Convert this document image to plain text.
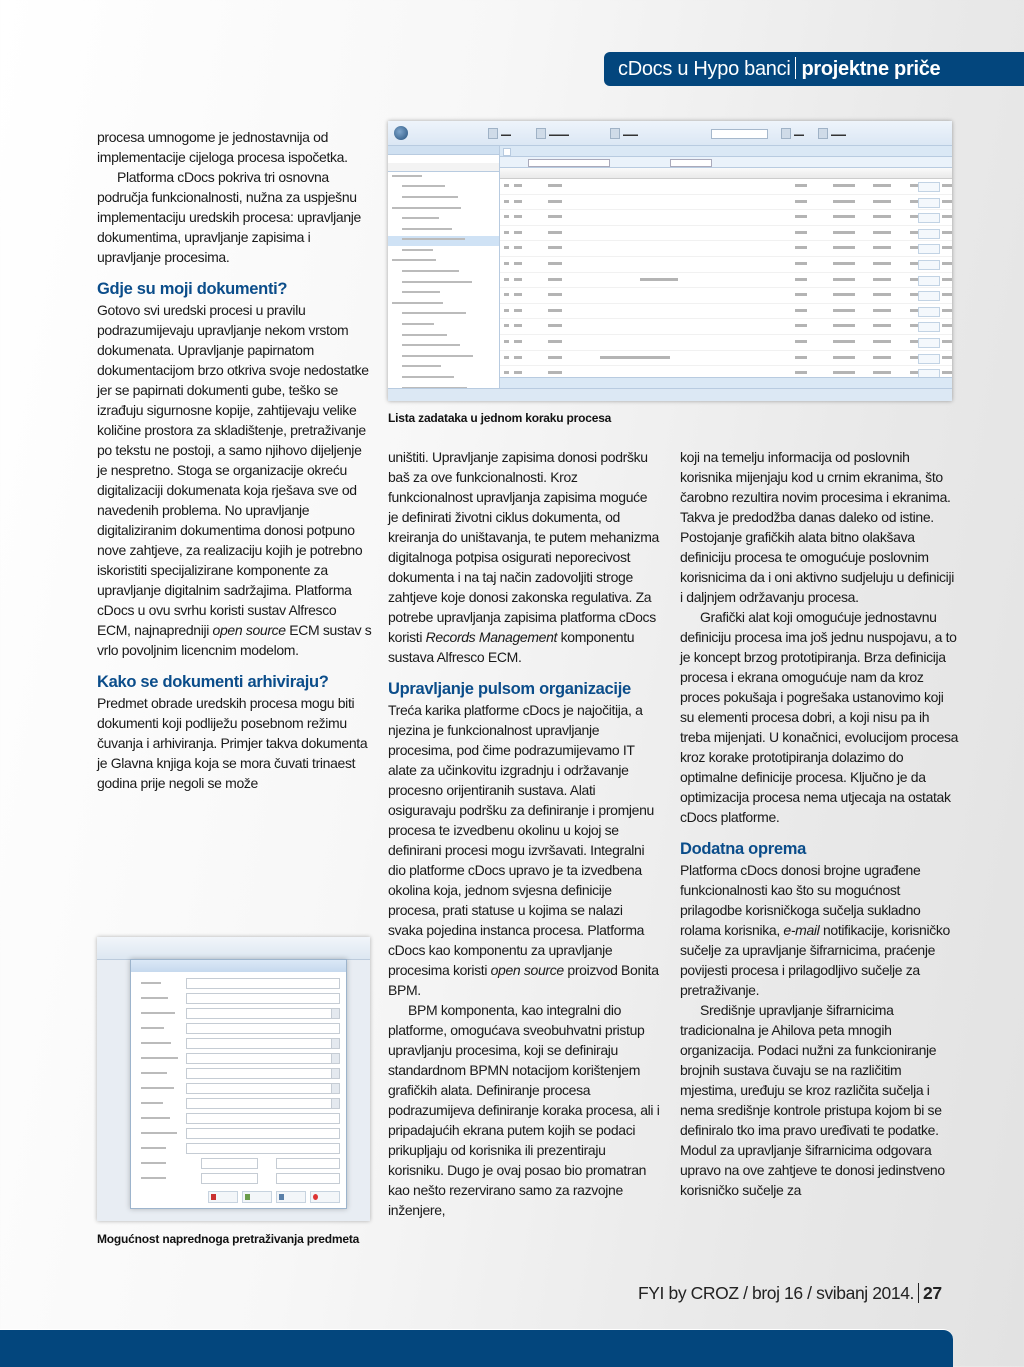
cDocs u Hypo banci projektne priče

procesa umnogome je jednostavnija od implementacije cijeloga procesa ispočetka.

Platforma cDocs pokriva tri osnovna područja funkcionalnosti, nužna za uspješnu implementaciju uredskih procesa: upravljanje dokumentima, upravljanje zapisima i upravljanje procesima.

Gdje su moji dokumenti?

Gotovo svi uredski procesi u pravilu podrazumijevaju upravljanje nekom vrstom dokumenata. Upravljanje papirnatom dokumentacijom brzo otkriva svoje nedostatke jer se papirnati dokumenti gube, teško se izrađuju sigurnosne kopije, zahtijevaju velike količine prostora za skladištenje, pretraživanje po tekstu ne postoji, a samo njihovo dijeljenje je nespretno. Stoga se organizacije okreću digitalizaciji dokumenata koja rješava sve od navedenih problema. No upravljanje digitaliziranim dokumentima donosi potpuno nove zahtjeve, za realizaciju kojih je potrebno iskoristiti specijalizirane komponente za upravljanje digitalnim sadržajima. Platforma cDocs u ovu svrhu koristi sustav Alfresco ECM, najnapredniji open source ECM sustav s vrlo povoljnim licencnim modelom.

Kako se dokumenti arhiviraju?

Predmet obrade uredskih procesa mogu biti dokumenti koji podliježu posebnom režimu čuvanja i arhiviranja. Primjer takva dokumenta je Glavna knjiga koja se mora čuvati trinaest godina prije negoli se može

▬▬	▬▬▬▬	▬▬▬	▬▬	▬▬▬
Lista zadataka u jednom koraku procesa

uništiti. Upravljanje zapisima donosi podršku baš za ove funkcionalnosti. Kroz funkcionalnost upravljanja zapisima moguće je definirati životni ciklus dokumenta, od kreiranja do uništavanja, te putem mehanizma digitalnoga potpisa osigurati neporecivost dokumenta i na taj način zadovoljiti stroge zahtjeve koje donosi zakonska regulativa. Za potrebe upravljanja zapisima platforma cDocs koristi Records Management komponentu sustava Alfresco ECM.

Upravljanje pulsom organizacije

Treća karika platforme cDocs je najočitija, a njezina je funkcionalnost upravljanje procesima, pod čime podrazumijevamo IT alate za učinkovitu izgradnju i održavanje procesno orijentiranih sustava. Alati osiguravaju podršku za definiranje i promjenu procesa te izvedbenu okolinu u kojoj se definirani procesi mogu izvršavati. Integralni dio platforme cDocs upravo je ta izvedbena okolina koja, jednom svjesna definicije procesa, prati statuse u kojima se nalazi svaka pojedina instanca procesa. Platforma cDocs kao komponentu za upravljanje procesima koristi open source proizvod Bonita BPM.

BPM komponenta, kao integralni dio platforme, omogućava sveobuhvatni pristup upravljanju procesima, koji se definiraju standardnom BPMN notacijom korištenjem grafičkih alata. Definiranje procesa podrazumijeva definiranje koraka procesa, ali i pripadajućih ekrana putem kojih se podaci prikupljaju od korisnika ili prezentiraju korisniku. Dugo je ovaj posao bio promatran kao nešto rezervirano samo za razvojne inženjere,

koji na temelju informacija od poslovnih korisnika mijenjaju kod u crnim ekranima, što čarobno rezultira novim procesima i ekranima. Takva je predodžba danas daleko od istine. Postojanje grafičkih alata bitno olakšava definiciju procesa te omogućuje poslovnim korisnicima da i oni aktivno sudjeluju u definiciji i daljnjem održavanju procesa.

Grafički alat koji omogućuje jednostavnu definiciju procesa ima još jednu nuspojavu, a to je koncept brzog prototipiranja. Brza definicija procesa i ekrana omogućuje nam da kroz proces pokušaja i pogrešaka ustanovimo koji su elementi procesa dobri, a koji nisu pa ih treba mijenjati. U konačnici, evolucijom procesa kroz korake prototipiranja dolazimo do optimalne definicije procesa. Ključno je da optimizacija procesa nema utjecaja na ostatak cDocs platforme.

Dodatna oprema

Platforma cDocs donosi brojne ugrađene funkcionalnosti kao što su mogućnost prilagodbe korisničkoga sučelja sukladno rolama korisnika, e-mail notifikacije, korisničko sučelje za upravljanje šifrarnicima, praćenje povijesti procesa i prilagodljivo sučelje za pretraživanje.

Središnje upravljanje šifrarnicima tradicionalna je Ahilova peta mnogih organizacija. Podaci nužni za funkcioniranje brojnih sustava čuvaju se na različitim mjestima, uređuju se kroz različita sučelja i nema središnje kontrole pristupa kojom bi se definiralo tko ima pravo uređivati te podatke. Modul za upravljanje šifrarnicima odgovara upravo na ove zahtjeve te donosi jedinstveno korisničko sučelje za

Mogućnost naprednoga pretraživanja predmeta
FYI by CROZ / broj 16 / svibanj 2014. 27
